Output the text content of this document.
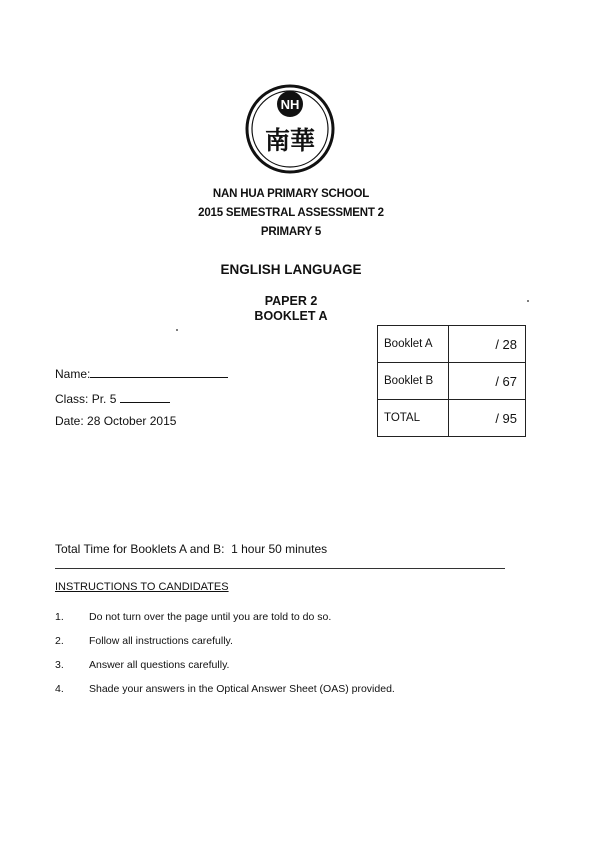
NH
南華
NAN HUA PRIMARY SCHOOL
2015 SEMESTRAL ASSESSMENT 2
PRIMARY 5
ENGLISH LANGUAGE
PAPER 2
BOOKLET A
Name:
Class: Pr. 5
Date: 28 October 2015
Booklet A	/ 28
Booklet B	/ 67
TOTAL	/ 95
Total Time for Booklets A and B:  1 hour 50 minutes
INSTRUCTIONS TO CANDIDATES
1. Do not turn over the page until you are told to do so.
2. Follow all instructions carefully.
3. Answer all questions carefully.
4. Shade your answers in the Optical Answer Sheet (OAS) provided.
